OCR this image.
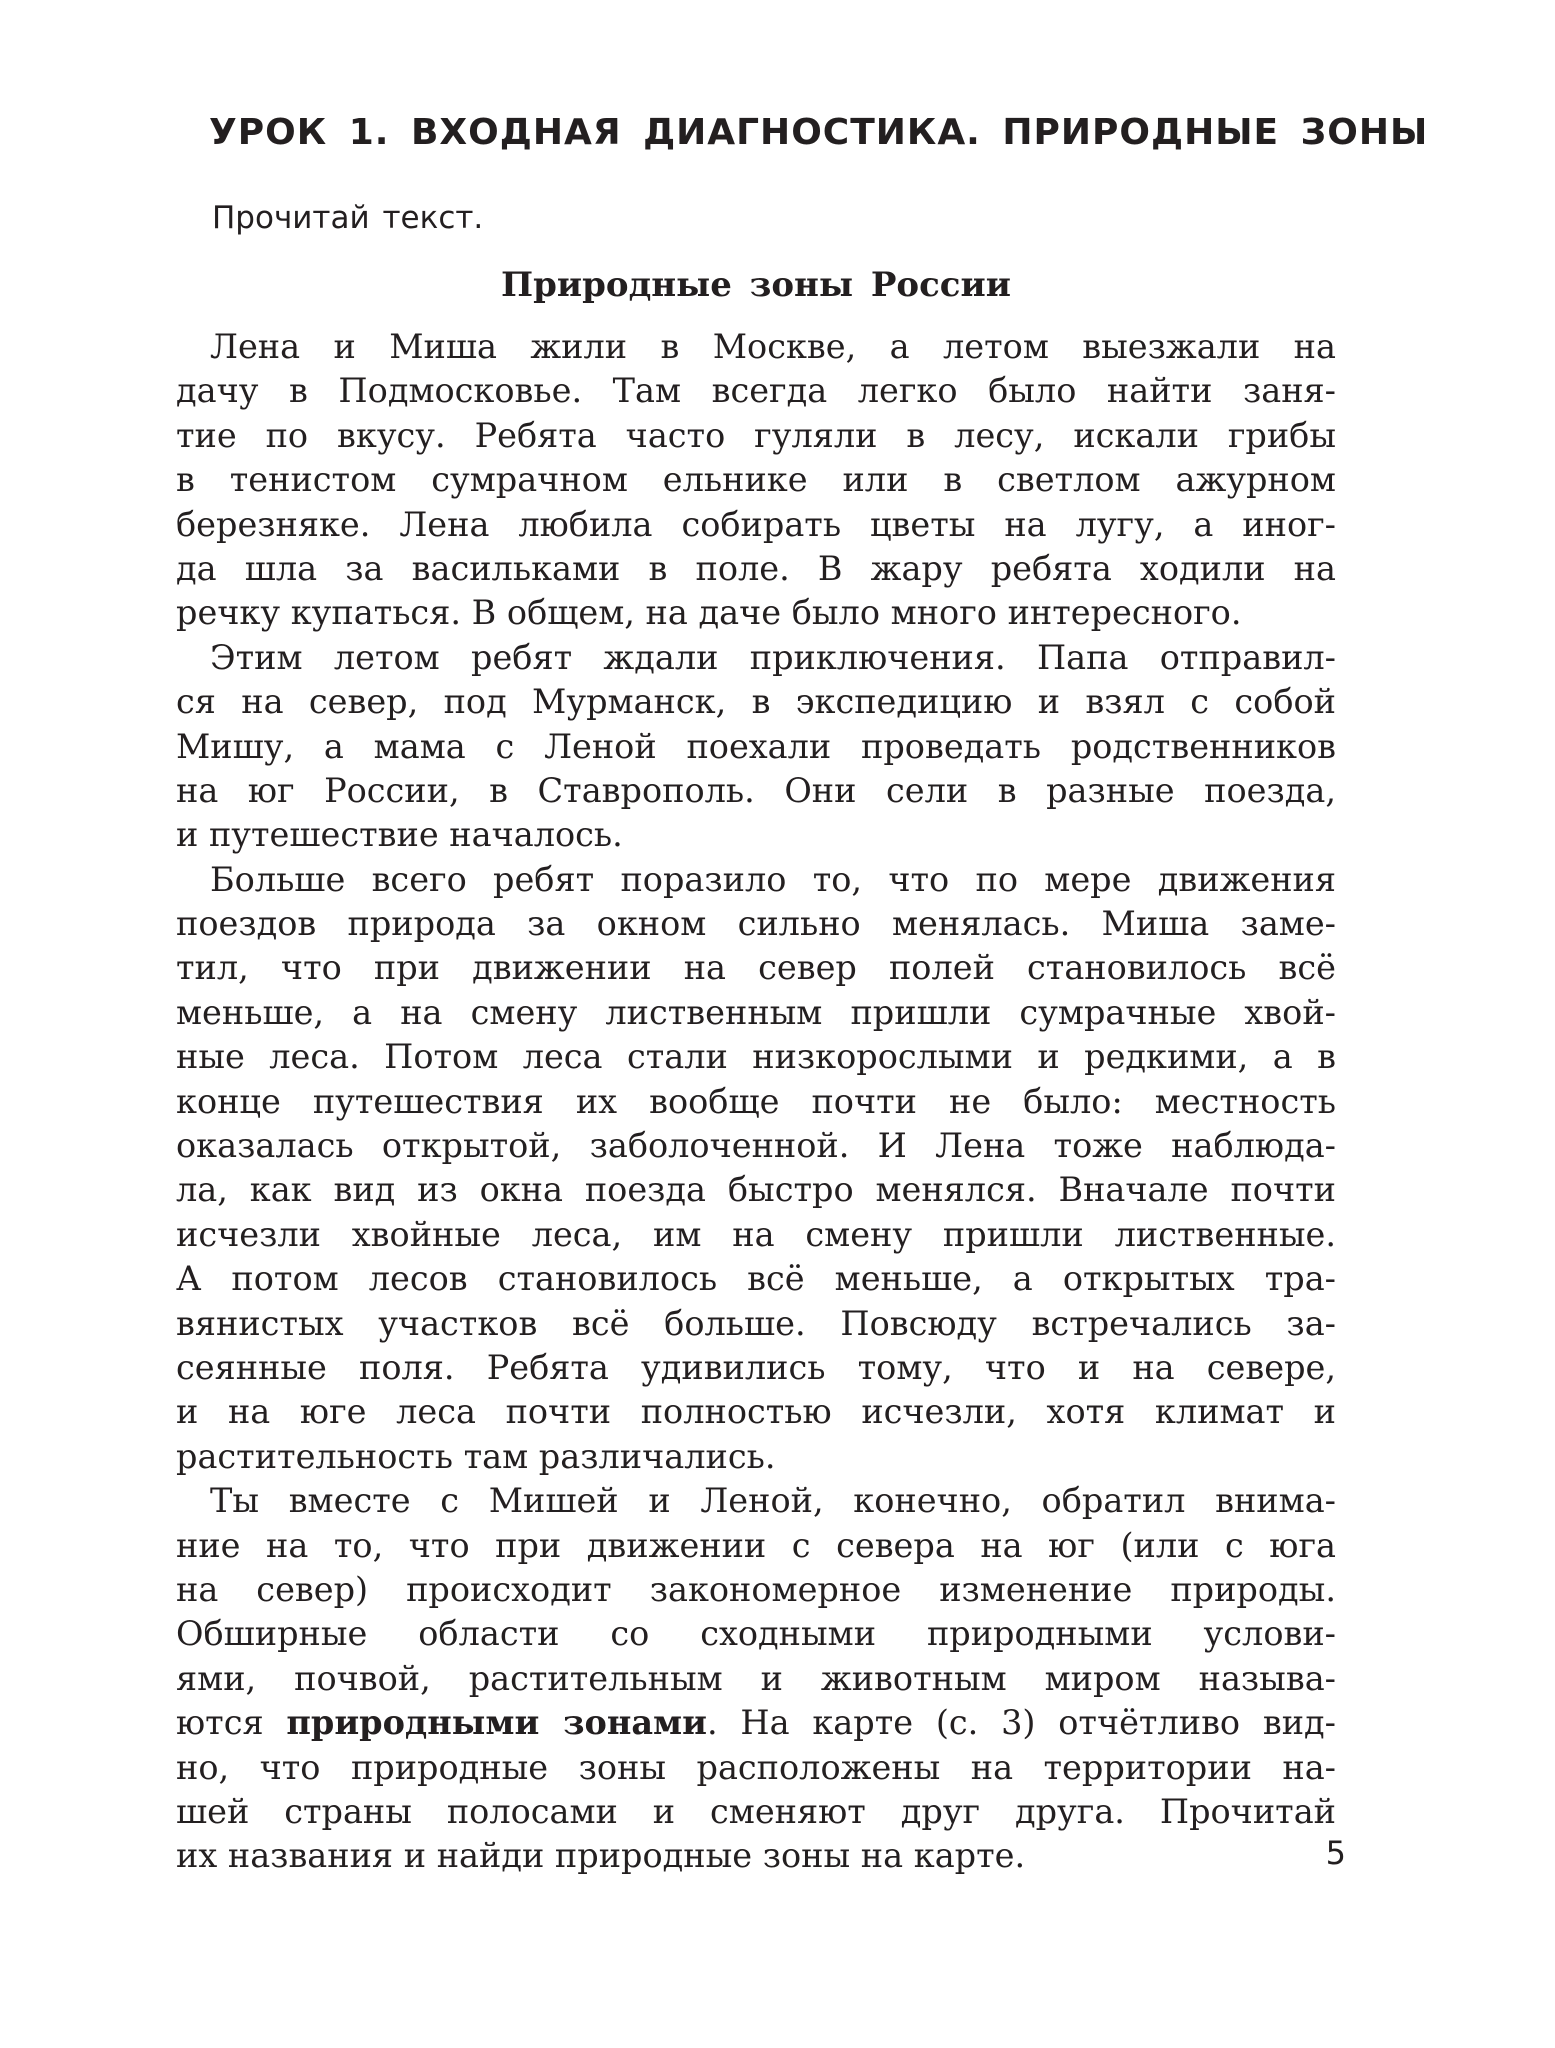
УРОК 1. ВХОДНАЯ ДИАГНОСТИКА. ПРИРОДНЫЕ ЗОНЫ

Прочитай текст.

Природные зоны России
Лена и Миша жили в Москве, а летом выезжали на
дачу в Подмосковье. Там всегда легко было найти заня-
тие по вкусу. Ребята часто гуляли в лесу, искали грибы
в тенистом сумрачном ельнике или в светлом ажурном
березняке. Лена любила собирать цветы на лугу, а иног-
да шла за васильками в поле. В жару ребята ходили на
речку купаться. В общем, на даче было много интересного.
Этим летом ребят ждали приключения. Папа отправил-
ся на север, под Мурманск, в экспедицию и взял с собой
Мишу, а мама с Леной поехали проведать родственников
на юг России, в Ставрополь. Они сели в разные поезда,
и путешествие началось.
Больше всего ребят поразило то, что по мере движения
поездов природа за окном сильно менялась. Миша заме-
тил, что при движении на север полей становилось всё
меньше, а на смену лиственным пришли сумрачные хвой-
ные леса. Потом леса стали низкорослыми и редкими, а в
конце путешествия их вообще почти не было: местность
оказалась открытой, заболоченной. И Лена тоже наблюда-
ла, как вид из окна поезда быстро менялся. Вначале почти
исчезли хвойные леса, им на смену пришли лиственные.
А потом лесов становилось всё меньше, а открытых тра-
вянистых участков всё больше. Повсюду встречались за-
сеянные поля. Ребята удивились тому, что и на севере,
и на юге леса почти полностью исчезли, хотя климат и
растительность там различались.
Ты вместе с Мишей и Леной, конечно, обратил внима-
ние на то, что при движении с севера на юг (или с юга
на север) происходит закономерное изменение природы.
Обширные области со сходными природными услови-
ями, почвой, растительным и животным миром называ-
ются природными зонами. На карте (с. 3) отчётливо вид-
но, что природные зоны расположены на территории на-
шей страны полосами и сменяют друг друга. Прочитай
их названия и найди природные зоны на карте.	5
